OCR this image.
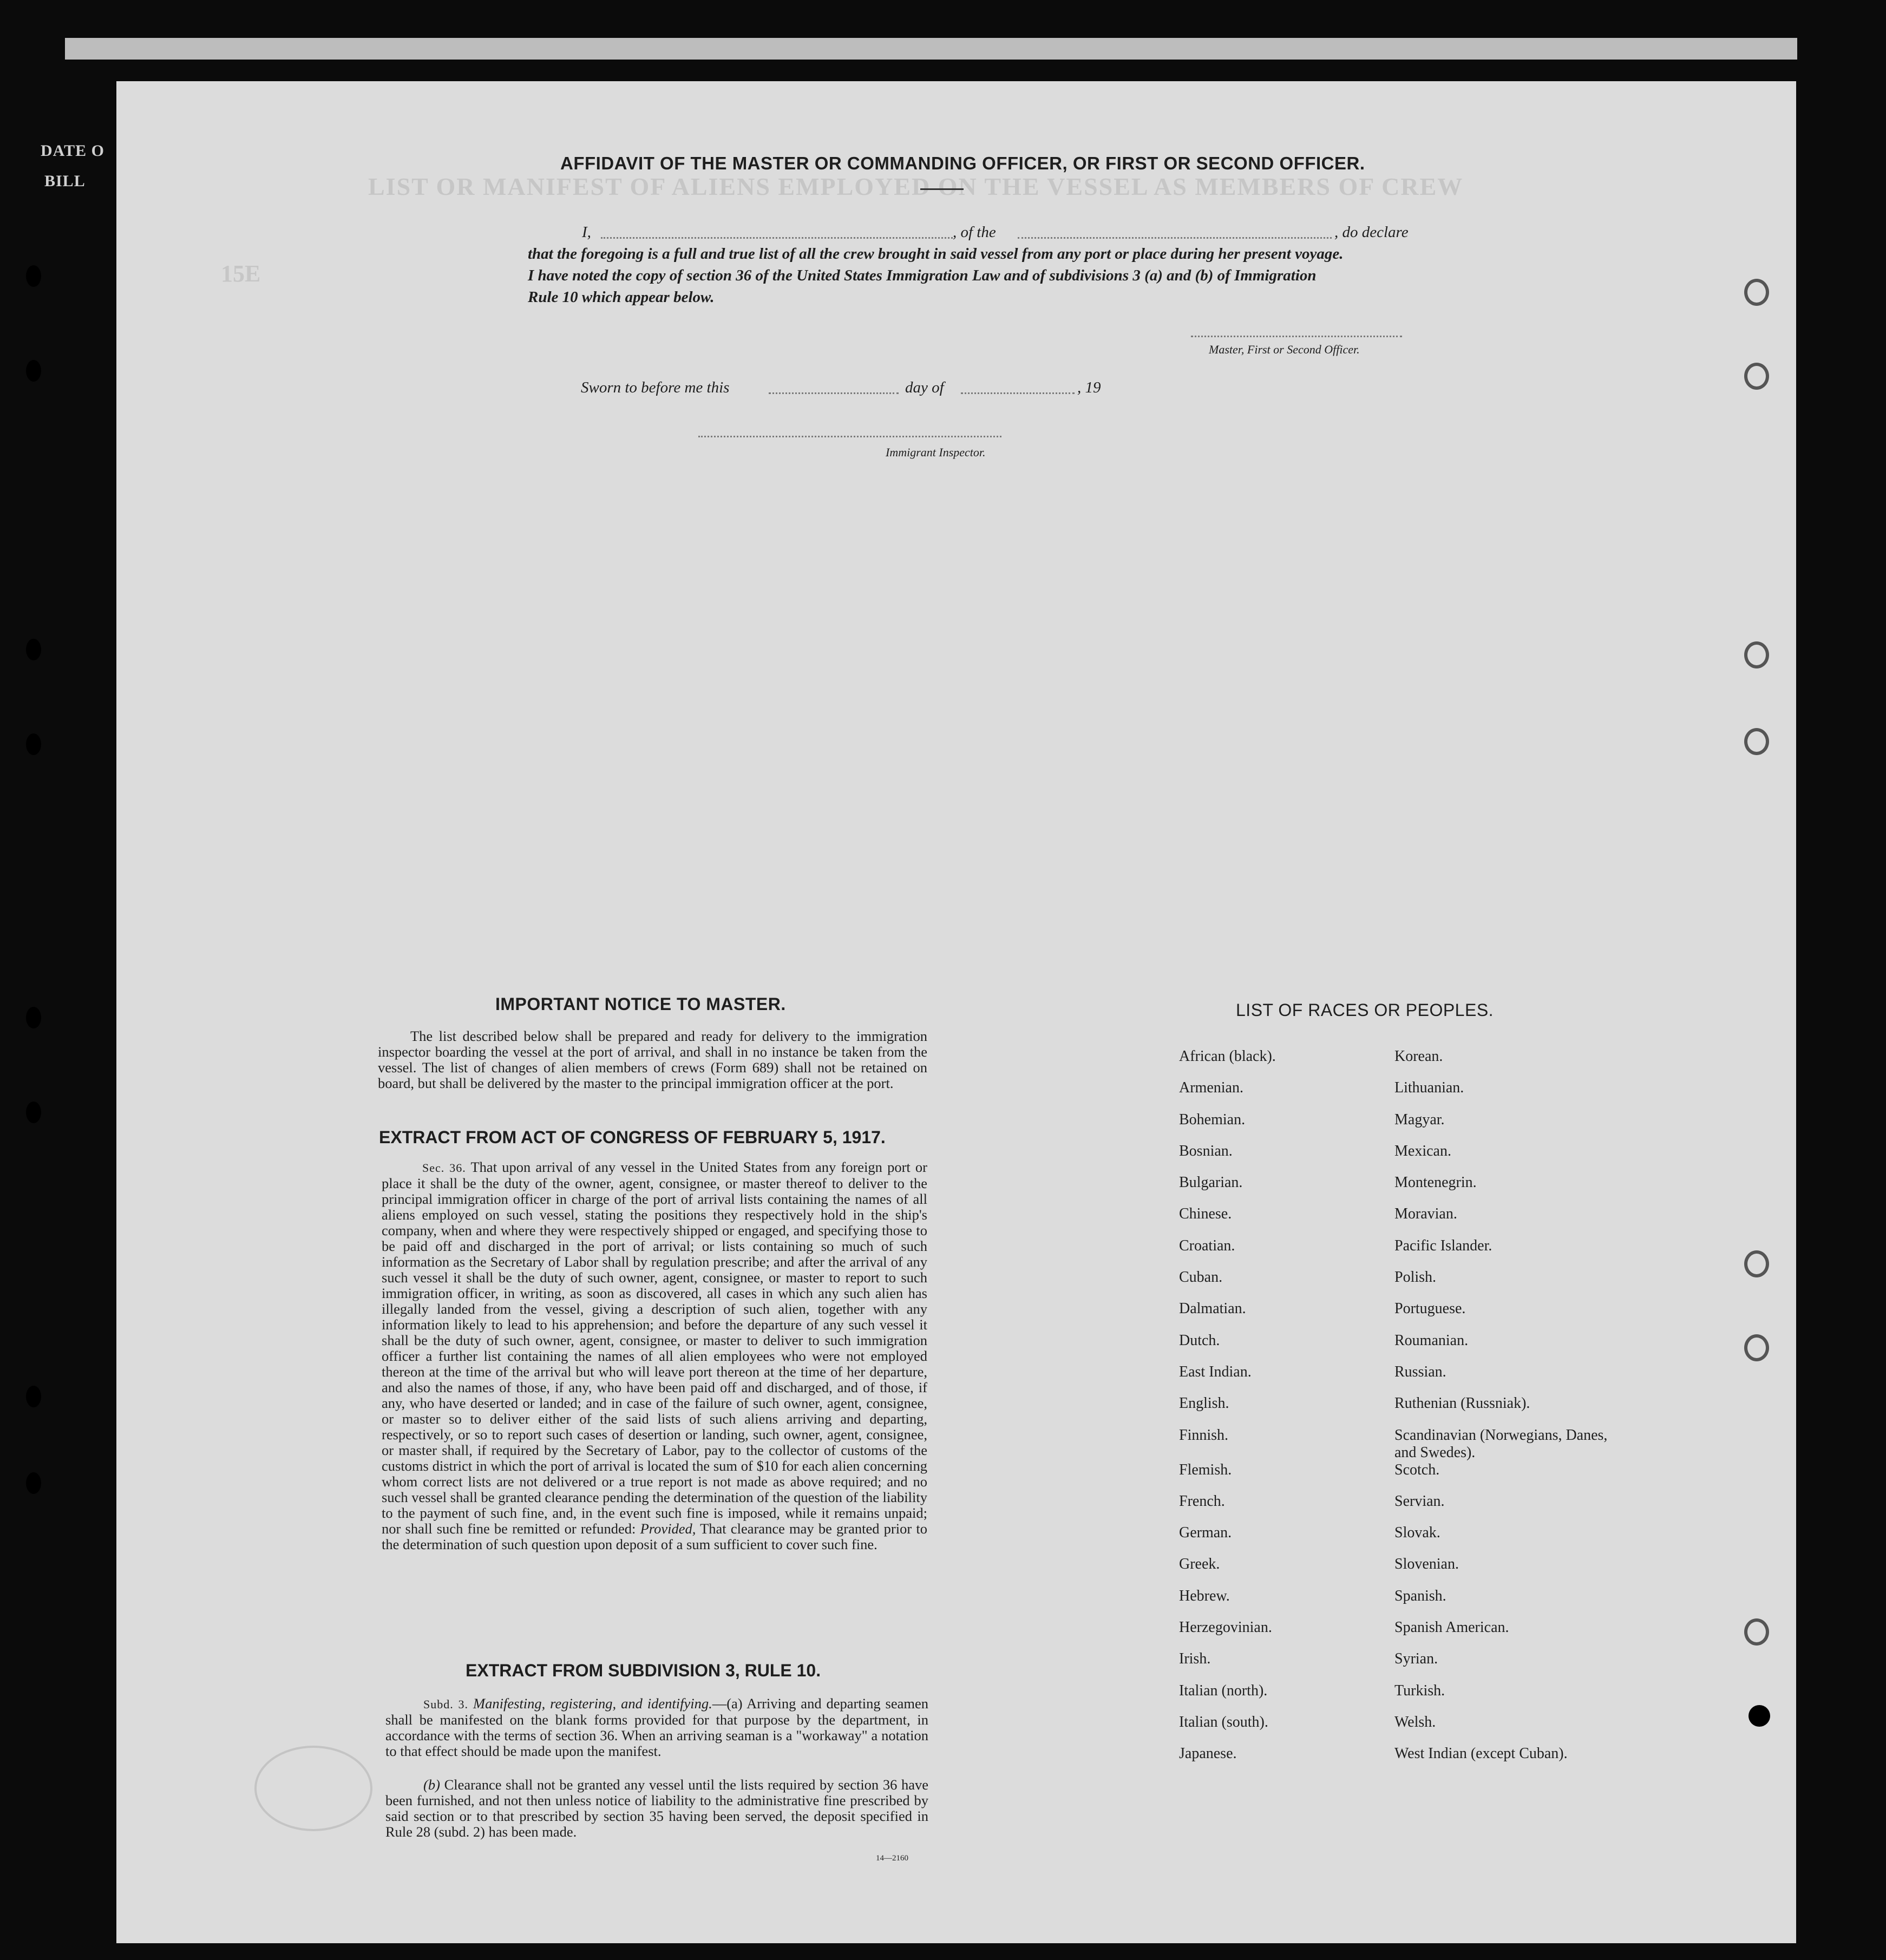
DATE O
BILL	LIST OR MANIFEST OF ALIENS EMPLOYED ON THE VESSEL AS MEMBERS OF CREW
15E
AFFIDAVIT OF THE MASTER OR COMMANDING OFFICER, OR FIRST OR SECOND OFFICER.
I,	, of the	, do declare
that the foregoing is a full and true list of all the crew brought in said vessel from any port or place during her present voyage.
I have noted the copy of section 36 of the United States Immigration Law and of subdivisions 3 (a) and (b) of Immigration
Rule 10 which appear below.
Master, First or Second Officer.
Sworn to before me this	day of	, 19
Immigrant Inspector.
IMPORTANT NOTICE TO MASTER.
The list described below shall be prepared and ready for delivery to the immigration inspector boarding the vessel at the port of arrival, and shall in no instance be taken from the vessel. The list of changes of alien members of crews (Form 689) shall not be retained on board, but shall be delivered by the master to the principal immigration officer at the port.
EXTRACT FROM ACT OF CONGRESS OF FEBRUARY 5, 1917.
Sec. 36. That upon arrival of any vessel in the United States from any foreign port or place it shall be the duty of the owner, agent, consignee, or master thereof to deliver to the principal immigration officer in charge of the port of arrival lists containing the names of all aliens employed on such vessel, stating the positions they respectively hold in the ship's company, when and where they were respectively shipped or engaged, and specifying those to be paid off and discharged in the port of arrival; or lists containing so much of such information as the Secretary of Labor shall by regulation prescribe; and after the arrival of any such vessel it shall be the duty of such owner, agent, consignee, or master to report to such immigration officer, in writing, as soon as discovered, all cases in which any such alien has illegally landed from the vessel, giving a description of such alien, together with any information likely to lead to his apprehension; and before the departure of any such vessel it shall be the duty of such owner, agent, consignee, or master to deliver to such immigration officer a further list containing the names of all alien employees who were not employed thereon at the time of the arrival but who will leave port thereon at the time of her departure, and also the names of those, if any, who have been paid off and discharged, and of those, if any, who have deserted or landed; and in case of the failure of such owner, agent, consignee, or master so to deliver either of the said lists of such aliens arriving and departing, respectively, or so to report such cases of desertion or landing, such owner, agent, consignee, or master shall, if required by the Secretary of Labor, pay to the collector of customs of the customs district in which the port of arrival is located the sum of $10 for each alien concerning whom correct lists are not delivered or a true report is not made as above required; and no such vessel shall be granted clearance pending the determination of the question of the liability to the payment of such fine, and, in the event such fine is imposed, while it remains unpaid; nor shall such fine be remitted or refunded: Provided, That clearance may be granted prior to the determination of such question upon deposit of a sum sufficient to cover such fine.
EXTRACT FROM SUBDIVISION 3, RULE 10.
Subd. 3. Manifesting, registering, and identifying.—(a) Arriving and departing seamen shall be manifested on the blank forms provided for that purpose by the department, in accordance with the terms of section 36. When an arriving seaman is a "workaway" a notation to that effect should be made upon the manifest.
(b) Clearance shall not be granted any vessel until the lists required by section 36 have been furnished, and not then unless notice of liability to the administrative fine prescribed by said section or to that prescribed by section 35 having been served, the deposit specified in Rule 28 (subd. 2) has been made.
14—2160
LIST OF RACES OR PEOPLES.
African (black).	Korean.
Armenian.	Lithuanian.
Bohemian.	Magyar.
Bosnian.	Mexican.
Bulgarian.	Montenegrin.
Chinese.	Moravian.
Croatian.	Pacific Islander.
Cuban.	Polish.
Dalmatian.	Portuguese.
Dutch.	Roumanian.
East Indian.	Russian.
English.	Ruthenian (Russniak).
Finnish.	Scandinavian (Norwegians, Danes, and Swedes).
Flemish.	Scotch.
French.	Servian.
German.	Slovak.
Greek.	Slovenian.
Hebrew.	Spanish.
Herzegovinian.	Spanish American.
Irish.	Syrian.
Italian (north).	Turkish.
Italian (south).	Welsh.
Japanese.	West Indian (except Cuban).
